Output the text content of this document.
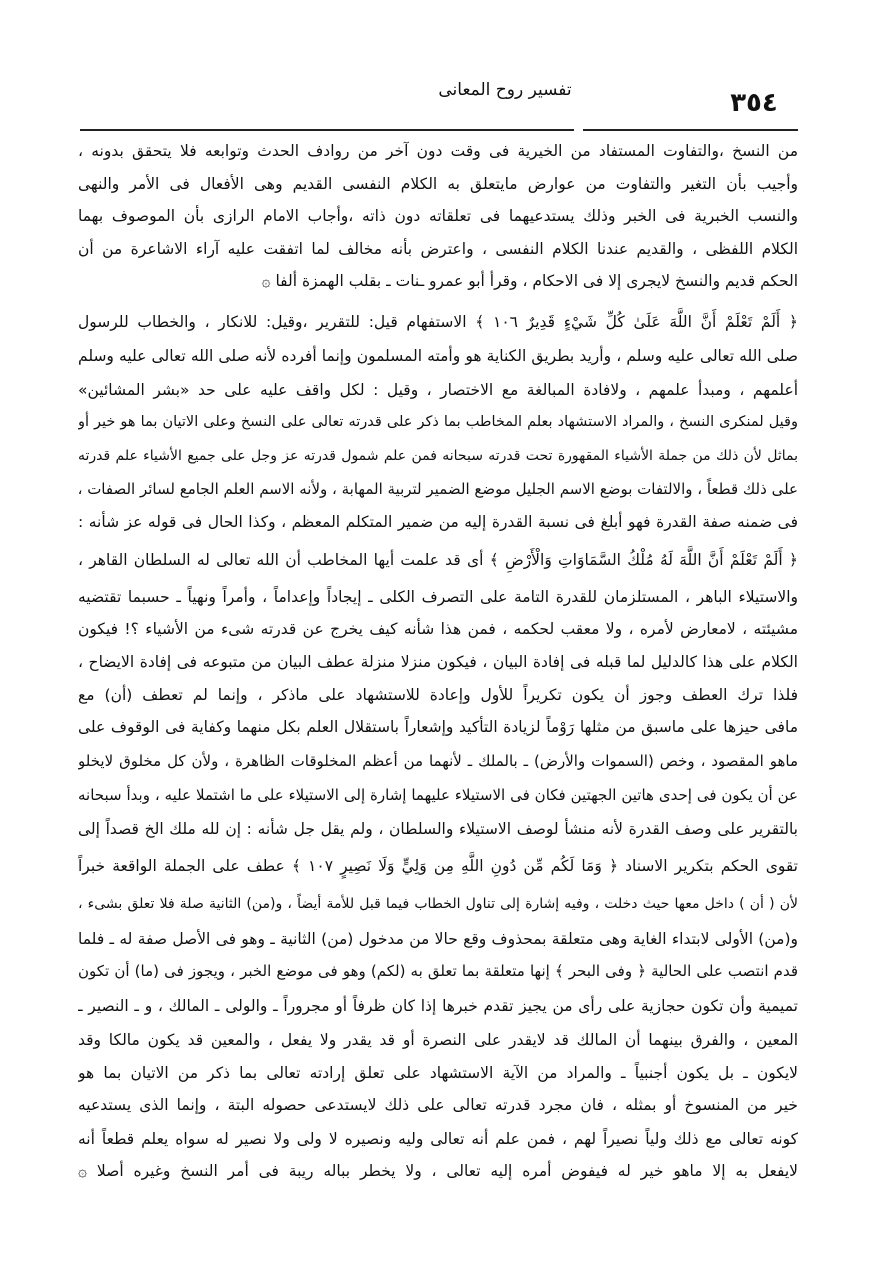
تفسير روح المعانى	٣٥٤
من النسخ ،والتفاوت المستفاد من الخيرية فى وقت دون آخر من روادف الحدث وتوابعه فلا يتحقق بدونه ،
وأجيب بأن التغير والتفاوت من عوارض مايتعلق به الكلام النفسى القديم وهى الأفعال فى الأمر والنهى
والنسب الخبرية فى الخبر وذلك يستدعيهما فى تعلقاته دون ذاته ،وأجاب الامام الرازى بأن الموصوف بهما
الكلام اللفظى ، والقديم عندنا الكلام النفسى ، واعترض بأنه مخالف لما اتفقت عليه آراء الاشاعرة من أن
الحكم قديم والنسخ لايجرى إلا فى الاحكام ، وقرأ أبو عمرو ـنات ـ بقلب الهمزة ألفا ۞
﴿ أَلَمْ تَعْلَمْ أَنَّ اللَّهَ عَلَىٰ كُلِّ شَيْءٍ قَدِيرٌ ١٠٦ ﴾ الاستفهام قيل: للتقرير ،وقيل: للانكار ، والخطاب للرسول
صلى الله تعالى عليه وسلم ، وأريد بطريق الكناية هو وأمته المسلمون وإنما أفرده لأنه صلى الله تعالى عليه وسلم
أعلمهم ، ومبدأ علمهم ، ولافادة المبالغة مع الاختصار ، وقيل : لكل واقف عليه على حد «بشر المشائين»
وقيل لمنكرى النسخ ، والمراد الاستشهاد بعلم المخاطب بما ذكر على قدرته تعالى على النسخ وعلى الاتيان بما هو خير أو
بماثل لأن ذلك من جملة الأشياء المقهورة تحت قدرته سبحانه فمن علم شمول قدرته عز وجل على جميع الأشياء علم قدرته
على ذلك قطعاً ، والالتفات بوضع الاسم الجليل موضع الضمير لتربية المهابة ، ولأنه الاسم العلم الجامع لسائر الصفات ،
فى ضمنه صفة القدرة فهو أبلغ فى نسبة القدرة إليه من ضمير المتكلم المعظم ، وكذا الحال فى قوله عز شأنه :
﴿ أَلَمْ تَعْلَمْ أَنَّ اللَّهَ لَهُ مُلْكُ السَّمَاوَاتِ وَالْأَرْضِ ﴾ أى قد علمت أيها المخاطب أن الله تعالى له السلطان القاهر ،
والاستيلاء الباهر ، المستلزمان للقدرة التامة على التصرف الكلى ـ إيجاداً وإعداماً ، وأمراً ونهياً ـ حسبما تقتضيه
مشيئته ، لامعارض لأمره ، ولا معقب لحكمه ، فمن هذا شأنه كيف يخرج عن قدرته شىء من الأشياء ؟! فيكون
الكلام على هذا كالدليل لما قبله فى إفادة البيان ، فيكون منزلا منزلة عطف البيان من متبوعه فى إفادة الايضاح ،
فلذا ترك العطف وجوز أن يكون تكريراً للأول وإعادة للاستشهاد على ماذكر ، وإنما لم تعطف (أن) مع
مافى حيزها على ماسبق من مثلها رَوْماً لزيادة التأكيد وإشعاراً باستقلال العلم بكل منهما وكفاية فى الوقوف على
ماهو المقصود ، وخص (السموات والأرض) ـ بالملك ـ لأنهما من أعظم المخلوقات الظاهرة ، ولأن كل مخلوق لايخلو
عن أن يكون فى إحدى هاتين الجهتين فكان فى الاستيلاء عليهما إشارة إلى الاستيلاء على ما اشتملا عليه ، وبدأ سبحانه
بالتقرير على وصف القدرة لأنه منشأ لوصف الاستيلاء والسلطان ، ولم يقل جل شأنه : إن لله ملك الخ قصداً إلى
تقوى الحكم بتكرير الاسناد ﴿ وَمَا لَكُم مِّن دُونِ اللَّهِ مِن وَلِيٍّ وَلَا نَصِيرٍ ١٠٧ ﴾ عطف على الجملة الواقعة خبراً
لأن ( أن ) داخل معها حيث دخلت ، وفيه إشارة إلى تناول الخطاب فيما قبل للأمة أيضاً ، و(من) الثانية صلة فلا تعلق بشىء ،
و(من) الأولى لابتداء الغاية وهى متعلقة بمحذوف وقع حالا من مدخول (من) الثانية ـ وهو فى الأصل صفة له ـ فلما
قدم انتصب على الحالية ﴿ وفى البحر ﴾ إنها متعلقة بما تعلق به (لكم) وهو فى موضع الخبر ، ويجوز فى (ما) أن تكون
تميمية وأن تكون حجازية على رأى من يجيز تقدم خبرها إذا كان ظرفاً أو مجروراً ـ والولى ـ المالك ، و ـ النصير ـ
المعين ، والفرق بينهما أن المالك قد لايقدر على النصرة أو قد يقدر ولا يفعل ، والمعين قد يكون مالكا وقد
لايكون ـ بل يكون أجنبياً ـ والمراد من الآية الاستشهاد على تعلق إرادته تعالى بما ذكر من الاتيان بما هو
خير من المنسوخ أو بمثله ، فان مجرد قدرته تعالى على ذلك لايستدعى حصوله البتة ، وإنما الذى يستدعيه
كونه تعالى مع ذلك ولياً نصيراً لهم ، فمن علم أنه تعالى وليه ونصيره لا ولى ولا نصير له سواه يعلم قطعاً أنه
لايفعل به إلا ماهو خير له فيفوض أمره إليه تعالى ، ولا يخطر بباله ريبة فى أمر النسخ وغيره أصلا ۞
